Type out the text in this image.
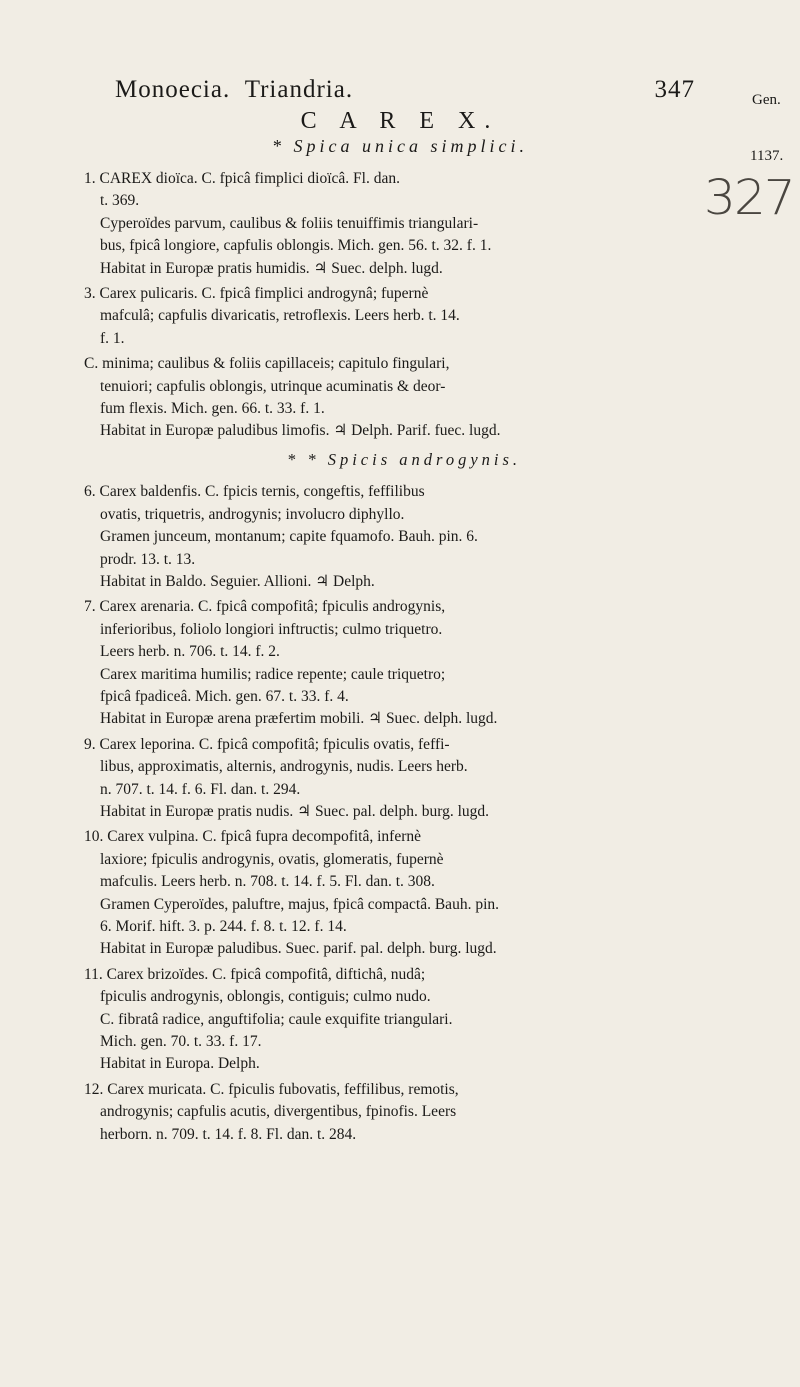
Monoecia. Triandria.	347	Gen.
1137.
327
C A R E X.
* Spica unica simplici.
1. CAREX dioïca. C. fpicâ fimplici dioïcâ. Fl. dan.
t. 369.
Cyperoïdes parvum, caulibus & foliis tenuiffimis triangulari-
bus, fpicâ longiore, capfulis oblongis. Mich. gen. 56. t. 32. f. 1.
Habitat in Europæ pratis humidis. ♃ Suec. delph. lugd.
3. Carex pulicaris. C. fpicâ fimplici androgynâ; fupernè
mafculâ; capfulis divaricatis, retroflexis. Leers herb. t. 14.
f. 1.
C. minima; caulibus & foliis capillaceis; capitulo fingulari,
tenuiori; capfulis oblongis, utrinque acuminatis & deor-
fum flexis. Mich. gen. 66. t. 33. f. 1.
Habitat in Europæ paludibus limofis. ♃ Delph. Parif. fuec. lugd.
* * Spicis androgynis.
6. Carex baldenfis. C. fpicis ternis, congeftis, feffilibus
ovatis, triquetris, androgynis; involucro diphyllo.
Gramen junceum, montanum; capite fquamofo. Bauh. pin. 6.
prodr. 13. t. 13.
Habitat in Baldo. Seguier. Allioni. ♃ Delph.
7. Carex arenaria. C. fpicâ compofitâ; fpiculis androgynis,
inferioribus, foliolo longiori inftructis; culmo triquetro.
Leers herb. n. 706. t. 14. f. 2.
Carex maritima humilis; radice repente; caule triquetro;
fpicâ fpadiceâ. Mich. gen. 67. t. 33. f. 4.
Habitat in Europæ arena præfertim mobili. ♃ Suec. delph. lugd.
9. Carex leporina. C. fpicâ compofitâ; fpiculis ovatis, feffi-
libus, approximatis, alternis, androgynis, nudis. Leers herb.
n. 707. t. 14. f. 6. Fl. dan. t. 294.
Habitat in Europæ pratis nudis. ♃ Suec. pal. delph. burg. lugd.
10. Carex vulpina. C. fpicâ fupra decompofitâ, infernè
laxiore; fpiculis androgynis, ovatis, glomeratis, fupernè
mafculis. Leers herb. n. 708. t. 14. f. 5. Fl. dan. t. 308.
Gramen Cyperoïdes, paluftre, majus, fpicâ compactâ. Bauh. pin.
6. Morif. hift. 3. p. 244. f. 8. t. 12. f. 14.
Habitat in Europæ paludibus. Suec. parif. pal. delph. burg. lugd.
11. Carex brizoïdes. C. fpicâ compofitâ, diftichâ, nudâ;
fpiculis androgynis, oblongis, contiguis; culmo nudo.
C. fibratâ radice, anguftifolia; caule exquifite triangulari.
Mich. gen. 70. t. 33. f. 17.
Habitat in Europa. Delph.
12. Carex muricata. C. fpiculis fubovatis, feffilibus, remotis,
androgynis; capfulis acutis, divergentibus, fpinofis. Leers
herborn. n. 709. t. 14. f. 8. Fl. dan. t. 284.
